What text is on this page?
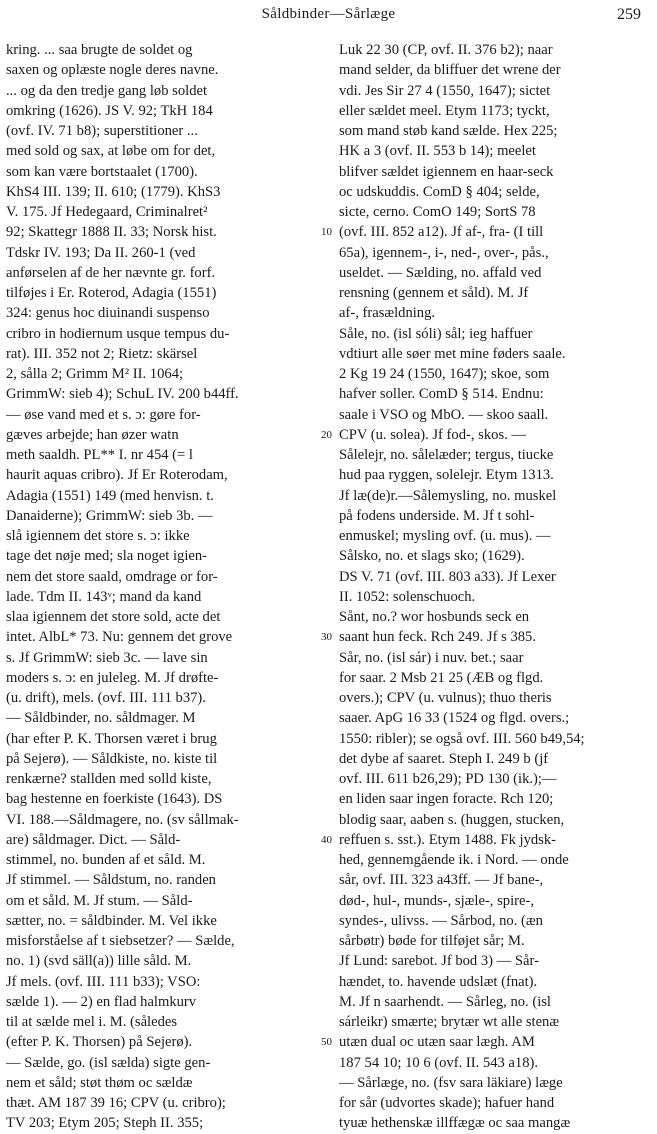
Såldbinder—Sårlæge	259
kring. ... saa brugte de soldet og
saxen og oplæste nogle deres navne.
... og da den tredje gang løb soldet
omkring (1626). JS V. 92; TkH 184
(ovf. IV. 71 b8); superstitioner ...
med sold og sax, at løbe om for det,
som kan være bortstaalet (1700).
KhS4 III. 139; II. 610; (1779). KhS3
V. 175. Jf Hedegaard, Criminalret²
92; Skattegr 1888 II. 33; Norsk hist.
Tdskr IV. 193; Da II. 260-1 (ved
anførselen af de her nævnte gr. forf.
tilføjes i Er. Roterod, Adagia (1551)
324: genus hoc diuinandi suspenso
cribro in hodiernum usque tempus du-
rat). III. 352 not 2; Rietz: skärsel
2, sålla 2; Grimm M² II. 1064;
GrimmW: sieb 4); SchuL IV. 200 b44ff.
— øse vand med et s. ɔ: gøre for-
gæves arbejde; han øzer watn
meth saaldh. PL** I. nr 454 (= l
haurit aquas cribro). Jf Er Roterodam,
Adagia (1551) 149 (med henvisn. t.
Danaiderne); GrimmW: sieb 3b. —
slå igiennem det store s. ɔ: ikke
tage det nøje med; sla noget igien-
nem det store saald, omdrage or for-
lade. Tdm II. 143ᵛ; mand da kand
slaa igiennem det store sold, acte det
intet. AlbL* 73. Nu: gennem det grove
s. Jf GrimmW: sieb 3c. — lave sin
moders s. ɔ: en juleleg. M. Jf drøfte-
(u. drift), mels. (ovf. III. 111 b37).
— Såldbinder, no. såldmager. M
(har efter P. K. Thorsen været i brug
på Sejerø). — Såldkiste, no. kiste til
renkærne? stallden med solld kiste,
bag hestenne en foerkiste (1643). DS
VI. 188.—Såldmagere, no. (sv sållmak-
are) såldmager. Dict. — Såld-
stimmel, no. bunden af et såld. M.
Jf stimmel. — Såldstum, no. randen
om et såld. M. Jf stum. — Såld-
sætter, no. = såldbinder. M. Vel ikke
misforståelse af t siebsetzer? — Sælde,
no. 1) (svd säll(a)) lille såld. M.
Jf mels. (ovf. III. 111 b33); VSO:
sælde 1). — 2) en flad halmkurv
til at sælde mel i. M. (således
(efter P. K. Thorsen) på Sejerø).
— Sælde, go. (isl sælda) sigte gen-
nem et såld; støt thøm oc sældæ
thæt. AM 187 39 16; CPV (u. cribro);
TV 203; Etym 205; Steph II. 355;
10
20
30
40
50
Luk 22 30 (CP, ovf. II. 376 b2); naar
mand selder, da bliffuer det wrene der
vdi. Jes Sir 27 4 (1550, 1647); sictet
eller sældet meel. Etym 1173; tyckt,
som mand støb kand sælde. Hex 225;
HK a 3 (ovf. II. 553 b 14); meelet
blifver sældet igiennem en haar-seck
oc udskuddis. ComD § 404; selde,
sicte, cerno. ComO 149; SortS 78
(ovf. III. 852 a12). Jf af-, fra- (I till
65a), igennem-, i-, ned-, over-, pås.,
useldet. — Sælding, no. affald ved
rensning (gennem et såld). M. Jf
af-, frasældning.
Såle, no. (isl sóli) sål; ieg haffuer
vdtiurt alle søer met mine føders saale.
2 Kg 19 24 (1550, 1647); skoe, som
hafver soller. ComD § 514. Endnu:
saale i VSO og MbO. — skoo saall.
CPV (u. solea). Jf fod-, skos. —
Sålelejr, no. sålelæder; tergus, tiucke
hud paa ryggen, solelejr. Etym 1313.
Jf læ(de)r.—Sålemysling, no. muskel
på fodens underside. M. Jf t sohl-
enmuskel; mysling ovf. (u. mus). —
Sålsko, no. et slags sko; (1629).
DS V. 71 (ovf. III. 803 a33). Jf Lexer
II. 1052: solenschuoch.
Sånt, no.? wor hosbunds seck en
saant hun feck. Rch 249. Jf s 385.
Sår, no. (isl sár) i nuv. bet.; saar
for saar. 2 Msb 21 25 (ÆB og flgd.
overs.); CPV (u. vulnus); thuo theris
saaer. ApG 16 33 (1524 og flgd. overs.;
1550: ribler); se også ovf. III. 560 b49,54;
det dybe af saaret. Steph I. 249 b (jf
ovf. III. 611 b26,29); PD 130 (ik.);—
en liden saar ingen foracte. Rch 120;
blodig saar, aaben s. (huggen, stucken,
reffuen s. sst.). Etym 1488. Fk jydsk-
hed, gennemgående ik. i Nord. — onde
sår, ovf. III. 323 a43ff. — Jf bane-,
død-, hul-, munds-, sjæle-, spire-,
syndes-, ulivss. — Sårbod, no. (æn
sårbøtr) bøde for tilføjet sår; M.
Jf Lund: sarebot. Jf bod 3) — Sår-
hændet, to. havende udslæt (fnat).
M. Jf n saarhendt. — Sårleg, no. (isl
sárleikr) smærte; brytær wt alle stenæ
utæn dual oc utæn saar lægh. AM
187 54 10; 10 6 (ovf. II. 543 a18).
— Sårlæge, no. (fsv sara läkiare) læge
for sår (udvortes skade); hafuer hand
tyuæ hethenskæ illffægæ oc saa mangæ
